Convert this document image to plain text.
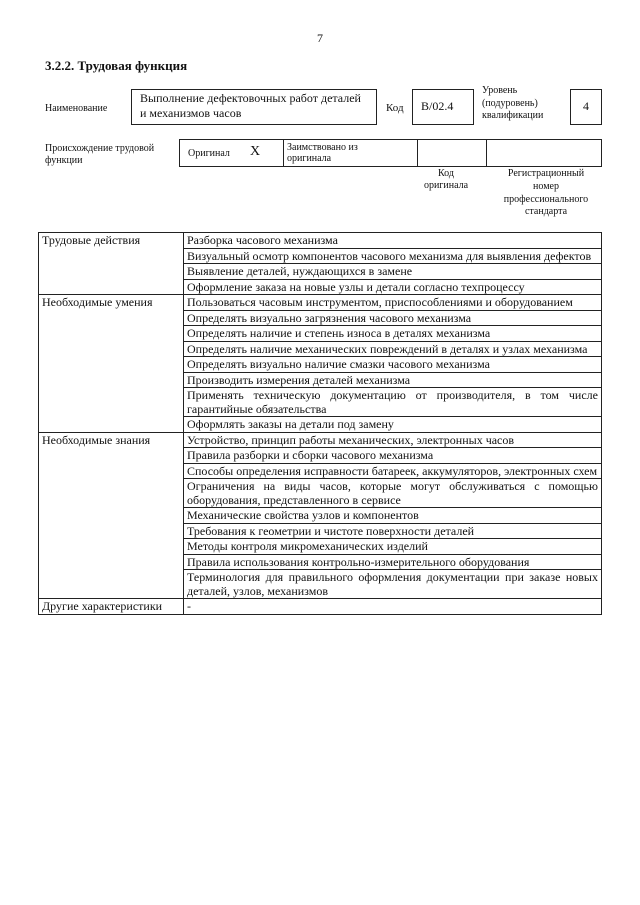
7
3.2.2. Трудовая функция
Наименование
Выполнение дефектовочных работ деталей и механизмов часов	Код	B/02.4
Уровень
(подуровень)
квалификации
4
Происхождение трудовой
функции
Оригинал X	Заимствовано из
оригинала
Код
оригинала
Регистрационный
номер
профессионального
стандарта
Трудовые действия	Разборка часового механизма
	Визуальный осмотр компонентов часового механизма для выявления дефектов
	Выявление деталей, нуждающихся в замене
	Оформление заказа на новые узлы и детали согласно техпроцессу
Необходимые умения	Пользоваться часовым инструментом, приспособлениями и оборудованием
	Определять визуально загрязнения часового механизма
	Определять наличие и степень износа в деталях механизма
	Определять наличие механических повреждений в деталях и узлах механизма
	Определять визуально наличие смазки часового механизма
	Производить измерения деталей механизма
	Применять техническую документацию от производителя, в том числе гарантийные обязательства
	Оформлять заказы на детали под замену
Необходимые знания	Устройство, принцип работы механических, электронных часов
	Правила разборки и сборки часового механизма
	Способы определения исправности батареек, аккумуляторов, электронных схем
	Ограничения на виды часов, которые могут обслуживаться с помощью оборудования, представленного в сервисе
	Механические свойства узлов и компонентов
	Требования к геометрии и чистоте поверхности деталей
	Методы контроля микромеханических изделий
	Правила использования контрольно-измерительного оборудования
	Терминология для правильного оформления документации при заказе новых деталей, узлов, механизмов
Другие характеристики	-
